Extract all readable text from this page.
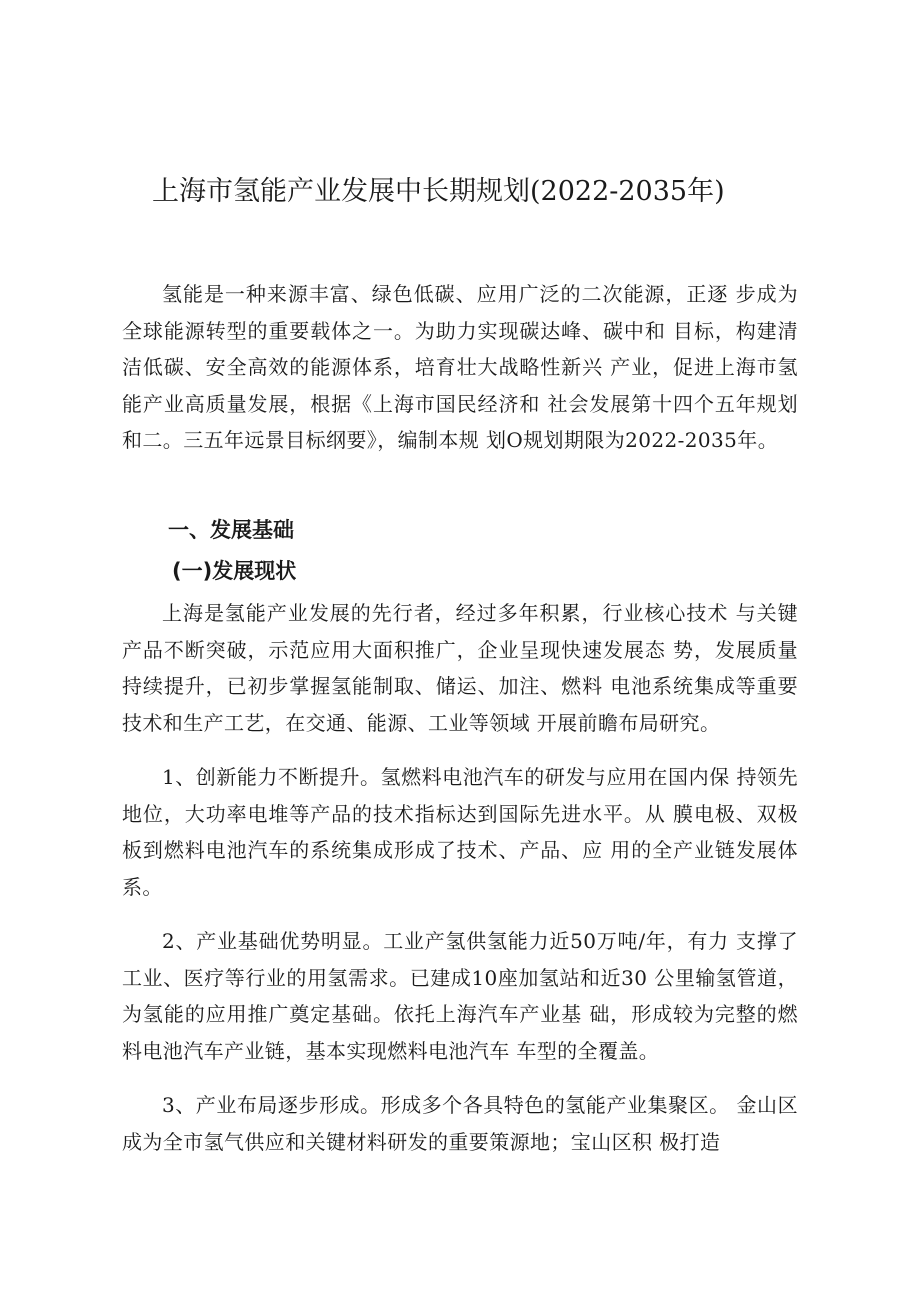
上海市氢能产业发展中长期规划(2022-2035年)

氢能是一种来源丰富、绿色低碳、应用广泛的二次能源，正逐 步成为全球能源转型的重要载体之一。为助力实现碳达峰、碳中和 目标，构建清洁低碳、安全高效的能源体系，培育壮大战略性新兴 产业，促进上海市氢能产业高质量发展，根据《上海市国民经济和 社会发展第十四个五年规划和二。三五年远景目标纲要》，编制本规 划O规划期限为2022-2035年。

一、发展基础
(一)发展现状

上海是氢能产业发展的先行者，经过多年积累，行业核心技术 与关键产品不断突破，示范应用大面积推广，企业呈现快速发展态 势，发展质量持续提升，已初步掌握氢能制取、储运、加注、燃料 电池系统集成等重要技术和生产工艺，在交通、能源、工业等领域 开展前瞻布局研究。

1、创新能力不断提升。氢燃料电池汽车的研发与应用在国内保 持领先地位，大功率电堆等产品的技术指标达到国际先进水平。从 膜电极、双极板到燃料电池汽车的系统集成形成了技术、产品、应 用的全产业链发展体系。

2、产业基础优势明显。工业产氢供氢能力近50万吨/年，有力 支撑了工业、医疗等行业的用氢需求。已建成10座加氢站和近30 公里输氢管道，为氢能的应用推广奠定基础。依托上海汽车产业基 础，形成较为完整的燃料电池汽车产业链，基本实现燃料电池汽车 车型的全覆盖。

3、产业布局逐步形成。形成多个各具特色的氢能产业集聚区。 金山区成为全市氢气供应和关键材料研发的重要策源地；宝山区积 极打造
